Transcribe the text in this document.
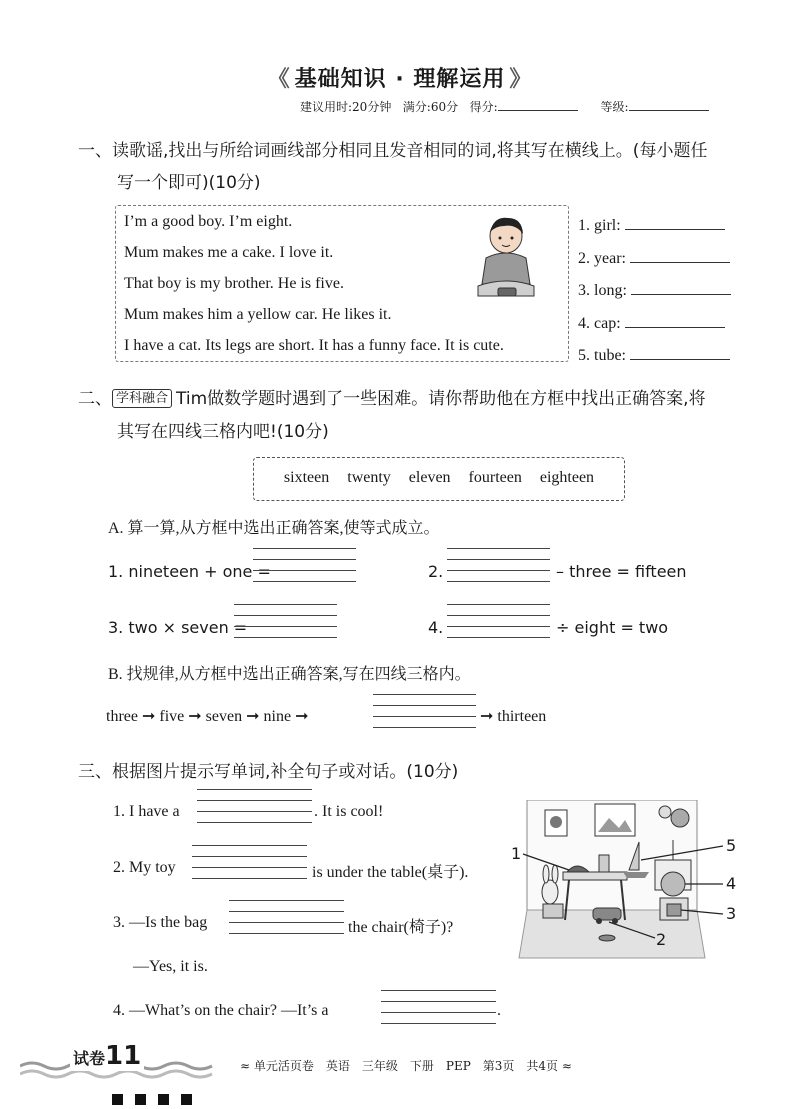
《 基础知识 · 理解运用 》
建议用时:20分钟 满分:60分 得分:	等级:
一、读歌谣,找出与所给词画线部分相同且发音相同的词,将其写在横线上。(每小题任
写一个即可)(10分)
I’m a good boy. I’m eight.
Mum makes me a cake. I love it.
That boy is my brother. He is five.
Mum makes him a yellow car. He likes it.
I have a cat. Its legs are short. It has a funny face. It is cute.
1. girl:
2. year:
3. long:
4. cap:
5. tube:
二、 学科融合 Tim做数学题时遇到了一些困难。请你帮助他在方框中找出正确答案,将
其写在四线三格内吧!(10分)
sixteen twenty eleven fourteen eighteen
A. 算一算,从方框中选出正确答案,使等式成立。
1. nineteen + one =	2.	– three = fifteen
3. two × seven =	4.	÷ eight = two
B. 找规律,从方框中选出正确答案,写在四线三格内。
three ➞ five ➞ seven ➞ nine ➞	➞ thirteen
三、根据图片提示写单词,补全句子或对话。(10分)
1. I have a	. It is cool!
2. My toy	is under the table(桌子).
3. —Is the bag	the chair(椅子)?
—Yes, it is.
4. —What’s on the chair? —It’s a	.
1
2
3
4
5
试卷11	≈ 单元活页卷　英语　三年级　下册　PEP　第3页　共4页 ≈
